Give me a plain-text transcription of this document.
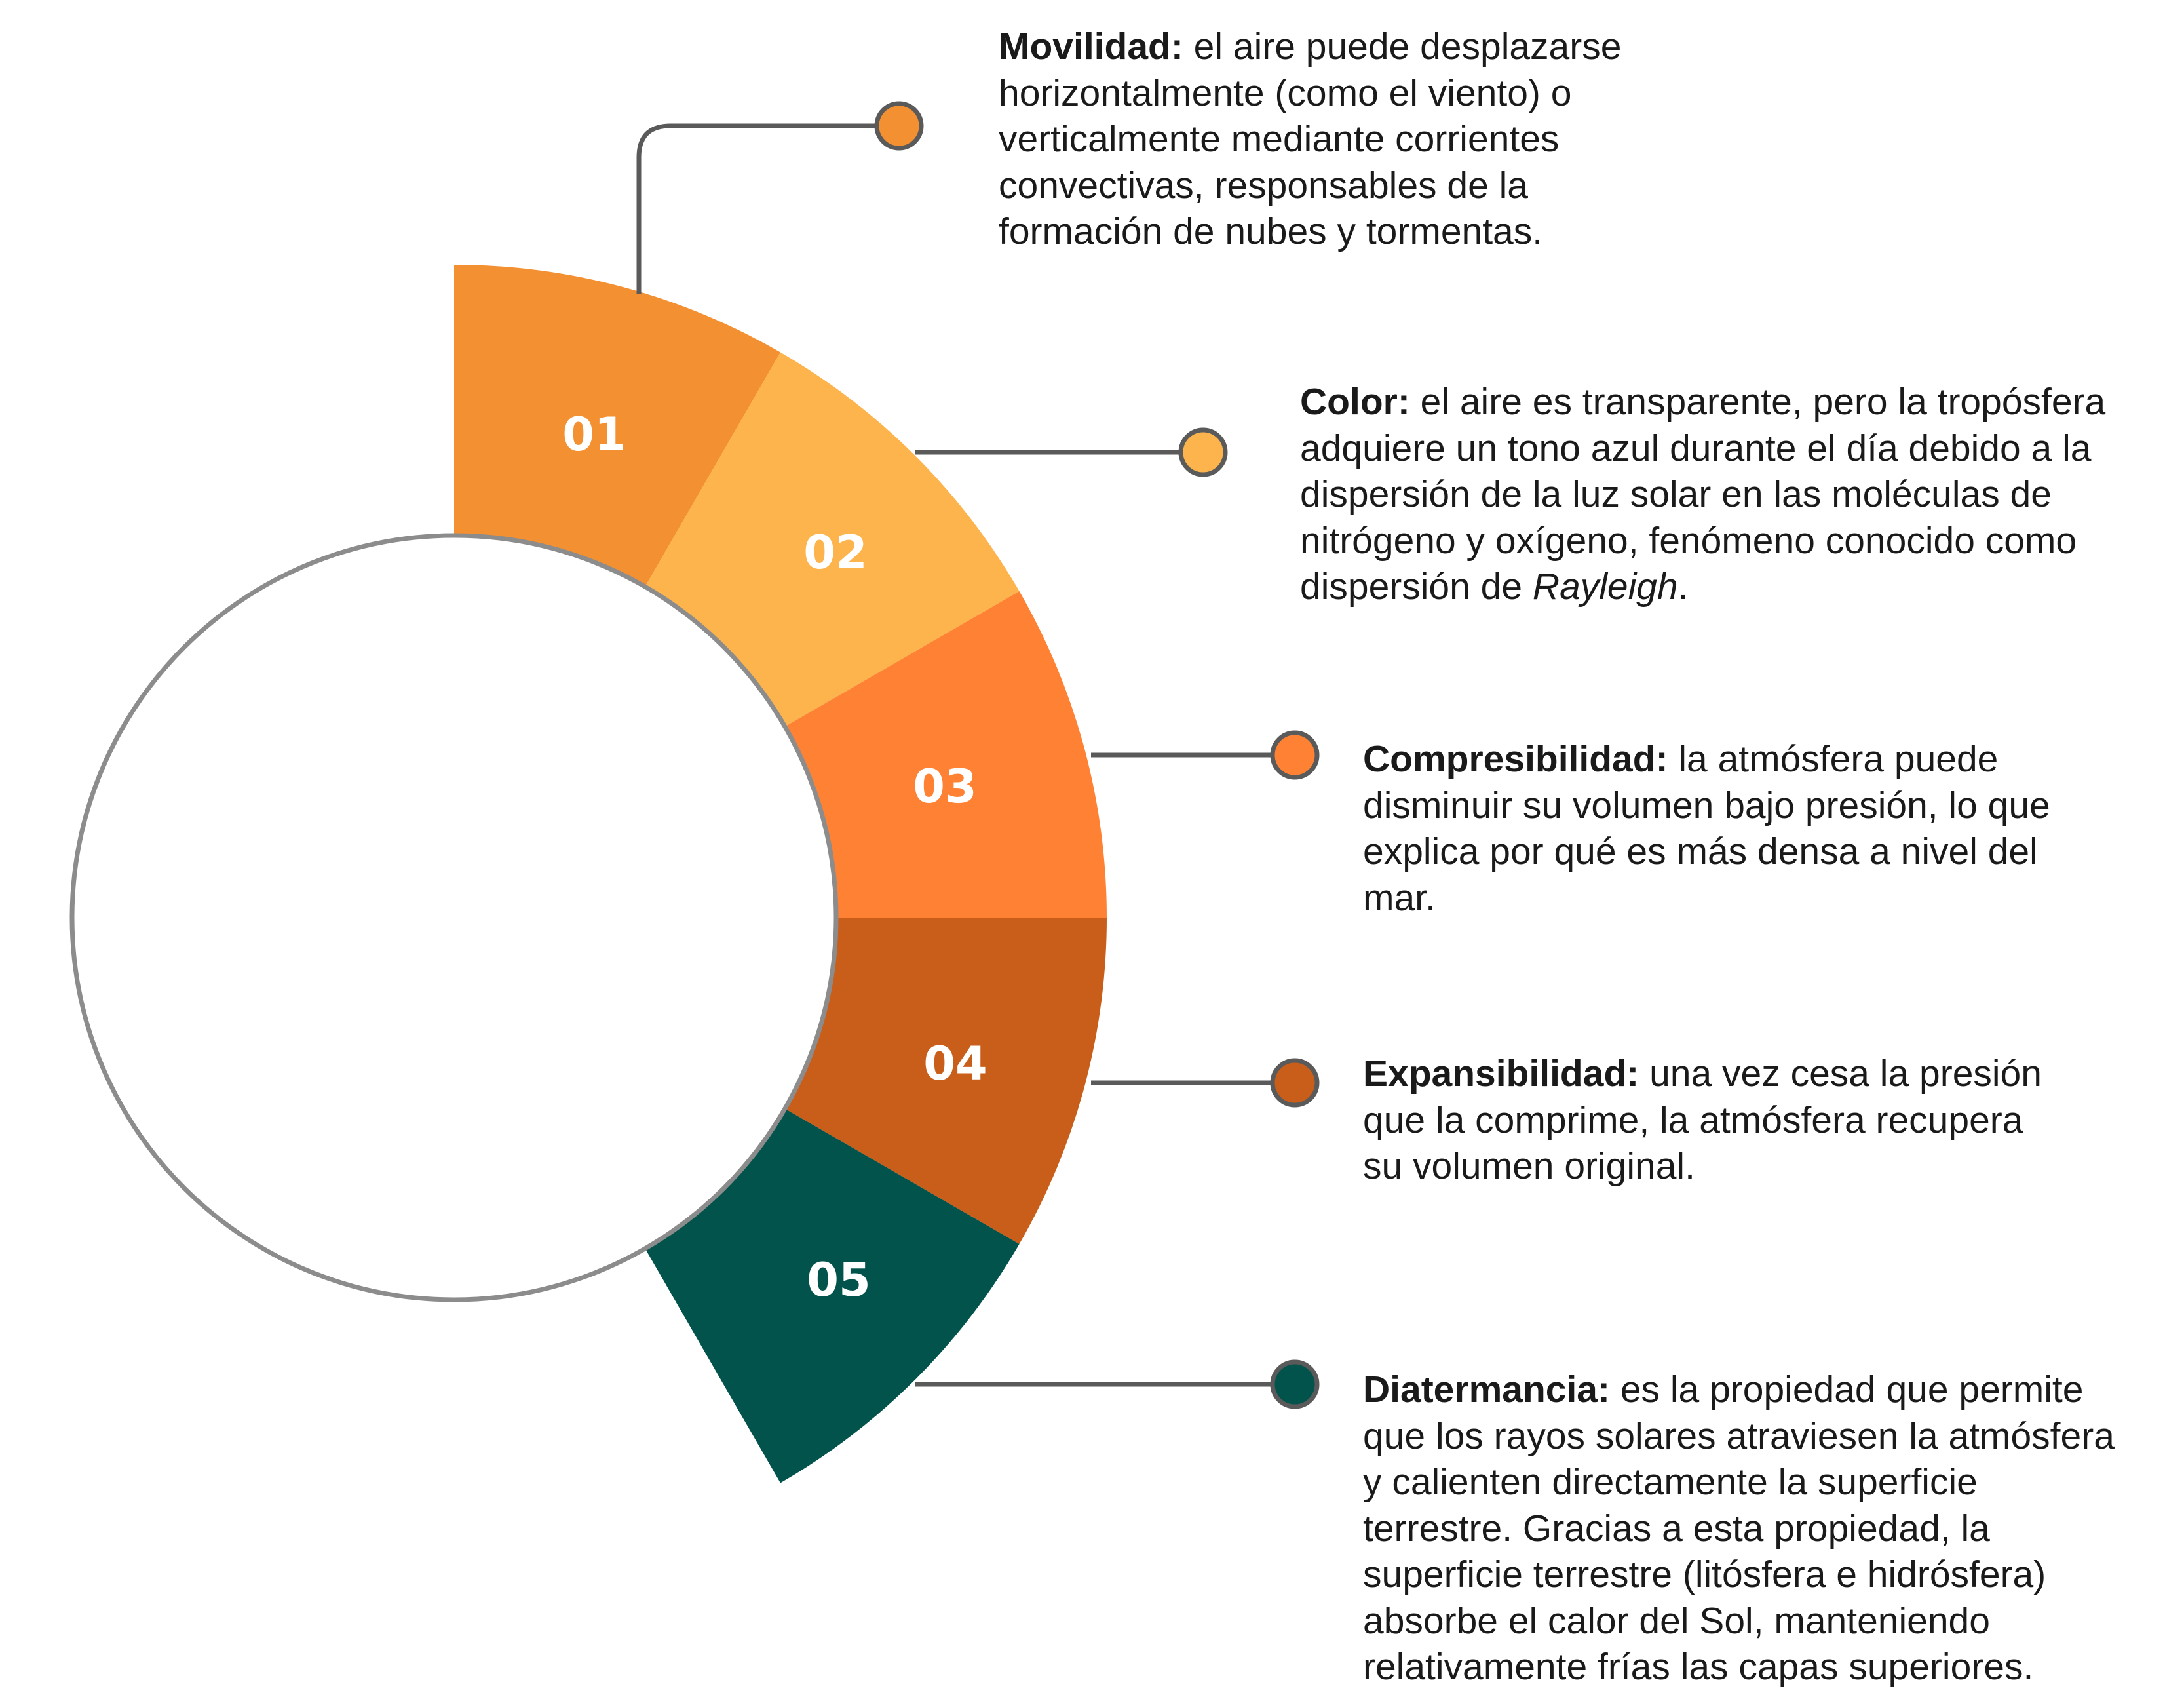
01
02
03
04
05

Movilidad: el aire puede desplazarse horizontalmente (como el viento) o verticalmente mediante corrientes convectivas, responsables de la formación de nubes y tormentas.

Color: el aire es transparente, pero la tropósfera adquiere un tono azul durante el día debido a la dispersión de la luz solar en las moléculas de nitrógeno y oxígeno, fenómeno conocido como dispersión de Rayleigh.

Compresibilidad: la atmósfera puede disminuir su volumen bajo presión, lo que explica por qué es más densa a nivel del mar.

Expansibilidad: una vez cesa la presión que la comprime, la atmósfera recupera su volumen original.

Diatermancia: es la propiedad que permite que los rayos solares atraviesen la atmósfera y calienten directamente la superficie terrestre. Gracias a esta propiedad, la superficie terrestre (litósfera e hidrósfera) absorbe el calor del Sol, manteniendo relativamente frías las capas superiores.
